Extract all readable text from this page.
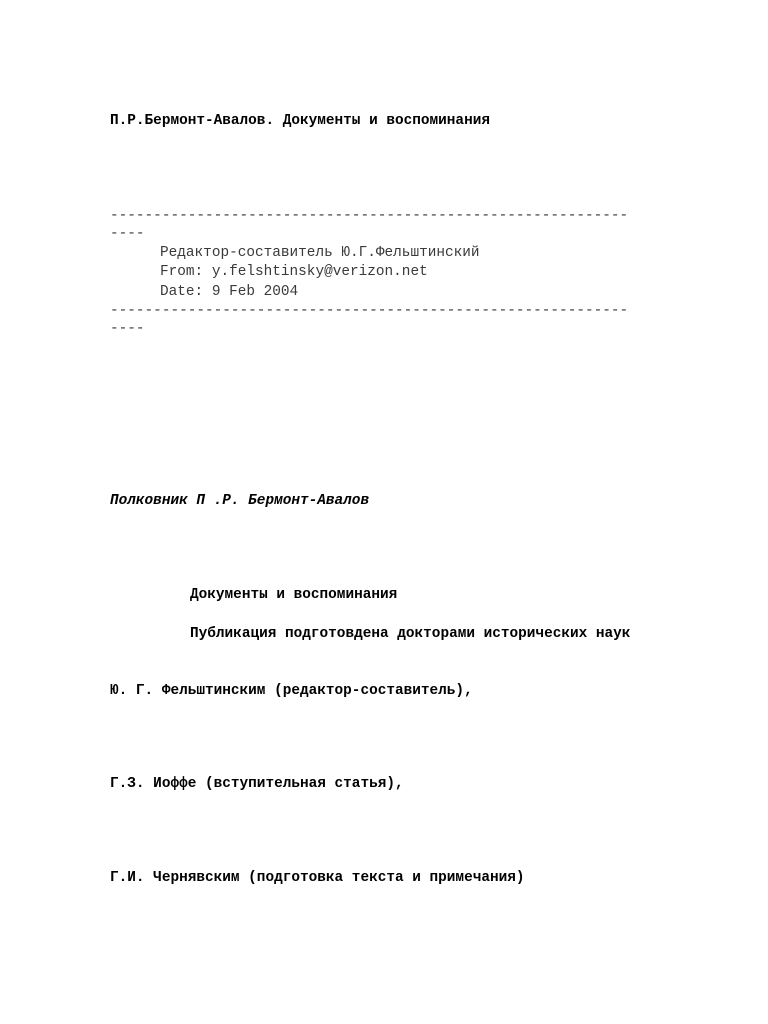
П.Р.Бермонт-Авалов. Документы и воспоминания
------------------------------------------------------------
----
Редактор-составитель Ю.Г.Фельштинский
From: y.felshtinsky@verizon.net
Date: 9 Feb 2004
------------------------------------------------------------
----
Полковник П .Р. Бермонт-Авалов
Документы и воспоминания
Публикация подготовдена докторами исторических наук
Ю. Г. Фельштинским (редактор-составитель),
Г.З. Иоффе (вступительная статья),
Г.И. Чернявским (подготовка текста и примечания)
